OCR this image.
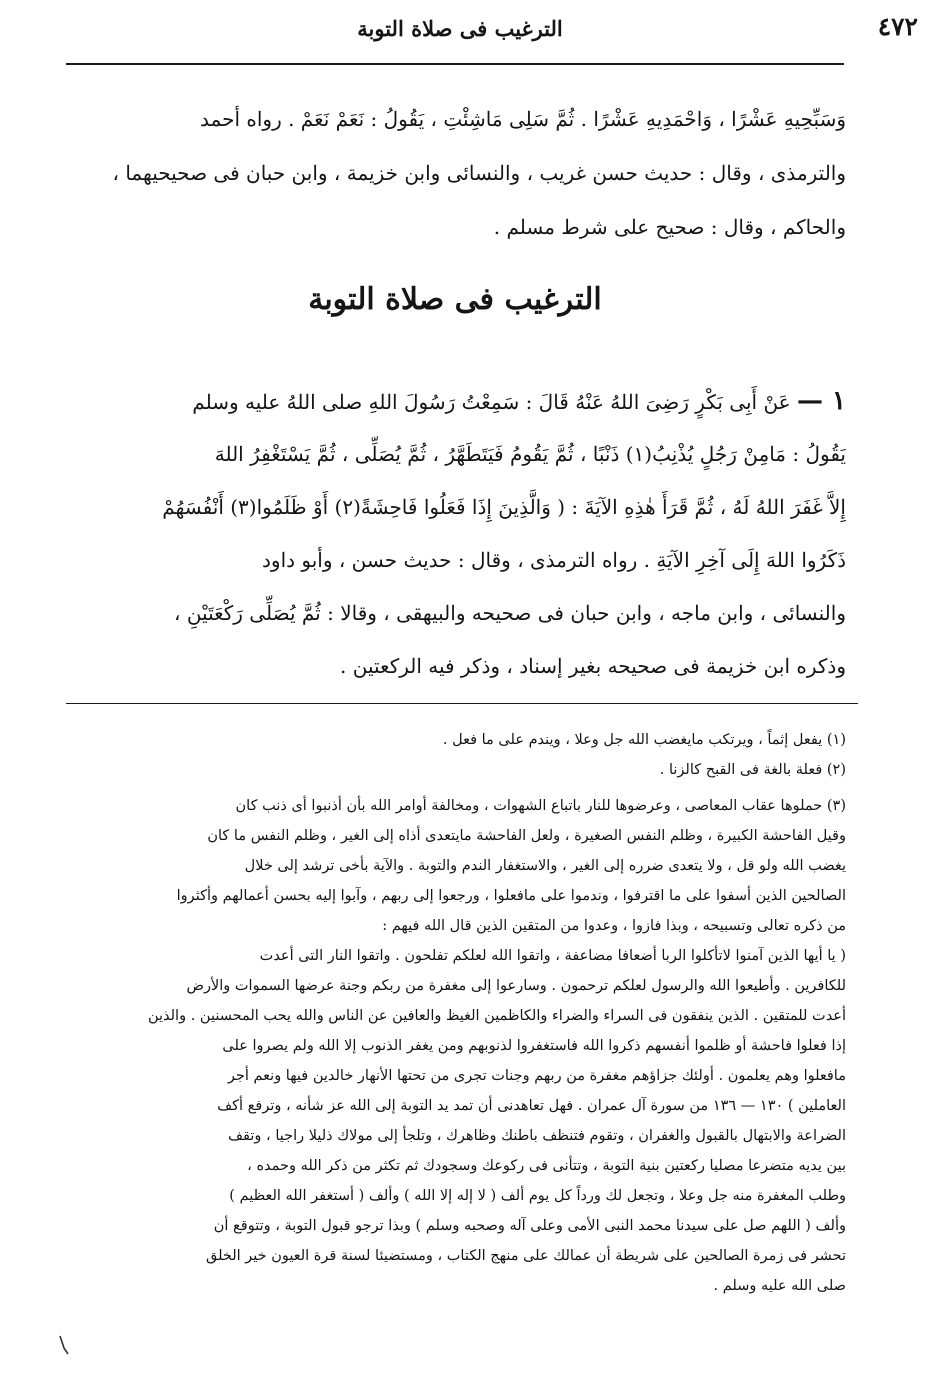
الترغيب فى صلاة التوبة	٤٧٢
وَسَبِّحِيهِ عَشْرًا ، وَاحْمَدِيهِ عَشْرًا . ثُمَّ سَلِى مَاشِئْتِ ، يَقُولُ : نَعَمْ نَعَمْ . رواه أحمد
والترمذى ، وقال : حديث حسن غريب ، والنسائى وابن خزيمة ، وابن حبان فى صحيحيهما ،
والحاكم ، وقال : صحيح على شرط مسلم .
الترغيب فى صلاة التوبة
١ — عَنْ أَبِى بَكْرٍ رَضِىَ اللهُ عَنْهُ قَالَ : سَمِعْتُ رَسُولَ اللهِ صلى اللهُ عليه وسلم
يَقُولُ : مَامِنْ رَجُلٍ يُذْنِبُ(١) ذَنْبًا ، ثُمَّ يَقُومُ فَيَتَطَهَّرُ ، ثُمَّ يُصَلِّى ، ثُمَّ يَسْتَغْفِرُ اللهَ
إِلاَّ غَفَرَ اللهُ لَهُ ، ثُمَّ قَرَأَ هٰذِهِ الآيَةَ : ( وَالَّذِينَ إِذَا فَعَلُوا فَاحِشَةً(٢) أَوْ ظَلَمُوا(٣) أَنْفُسَهُمْ
ذَكَرُوا اللهَ إِلَى آخِرِ الآيَةِ . رواه الترمذى ، وقال : حديث حسن ، وأبو داود
والنسائى ، وابن ماجه ، وابن حبان فى صحيحه والبيهقى ، وقالا : ثُمَّ يُصَلِّى رَكْعَتَيْنِ ،
وذكره ابن خزيمة فى صحيحه بغير إسناد ، وذكر فيه الركعتين .
(١) يفعل إثماً ، ويرتكب مايغضب الله جل وعلا ، ويندم على ما فعل .
(٢) فعلة بالغة فى القبح كالزنا .
(٣) حملوها عقاب المعاصى ، وعرضوها للنار باتباع الشهوات ، ومخالفة أوامر الله بأن أذنبوا أى ذنب كان
وقيل الفاحشة الكبيرة ، وظلم النفس الصغيرة ، ولعل الفاحشة مايتعدى أذاه إلى الغير ، وظلم النفس ما كان
يغضب الله ولو قل ، ولا يتعدى ضرره إلى الغير ، والاستغفار الندم والتوبة . والآية بأخى ترشد إلى خلال
الصالحين الذين أسفوا على ما اقترفوا ، وندموا على مافعلوا ، ورجعوا إلى ربهم ، وآبوا إليه بحسن أعمالهم وأكثروا
من ذكره تعالى وتسبيحه ، وبذا فازوا ، وعدوا من المتقين الذين قال الله فيهم :
( يا أيها الذين آمنوا لاتأكلوا الربا أضعافا مضاعفة ، واتقوا الله لعلكم تفلحون . واتقوا النار التى أعدت
للكافرين . وأطيعوا الله والرسول لعلكم ترحمون . وسارعوا إلى مغفرة من ربكم وجنة عرضها السموات والأرض
أعدت للمتقين . الذين ينفقون فى السراء والضراء والكاظمين الغيظ والعافين عن الناس والله يحب المحسنين . والذين
إذا فعلوا فاحشة أو ظلموا أنفسهم ذكروا الله فاستغفروا لذنوبهم ومن يغفر الذنوب إلا الله ولم يصروا على
مافعلوا وهم يعلمون . أولئك جزاؤهم مغفرة من ربهم وجنات تجرى من تحتها الأنهار خالدين فيها ونعم أجر
العاملين ) ١٣٠ — ١٣٦ من سورة آل عمران . فهل تعاهدنى أن تمد يد التوبة إلى الله عز شأنه ، وترفع أكف
الضراعة والابتهال بالقبول والغفران ، وتقوم فتنظف باطنك وظاهرك ، وتلجأ إلى مولاك ذليلا راجيا ، وتقف
بين يديه متضرعا مصليا ركعتين بنية التوبة ، وتتأنى فى ركوعك وسجودك ثم تكثر من ذكر الله وحمده ،
وطلب المغفرة منه جل وعلا ، وتجعل لك ورداً كل يوم ألف ( لا إله إلا الله ) وألف ( أستغفر الله العظيم )
وألف ( اللهم صل على سيدنا محمد النبى الأمى وعلى آله وصحبه وسلم ) وبذا ترجو قبول التوبة ، وتتوقع أن
تحشر فى زمرة الصالحين على شريطة أن عمالك على منهج الكتاب ، ومستضيئا لسنة قرة العيون خير الخلق
صلى الله عليه وسلم .
